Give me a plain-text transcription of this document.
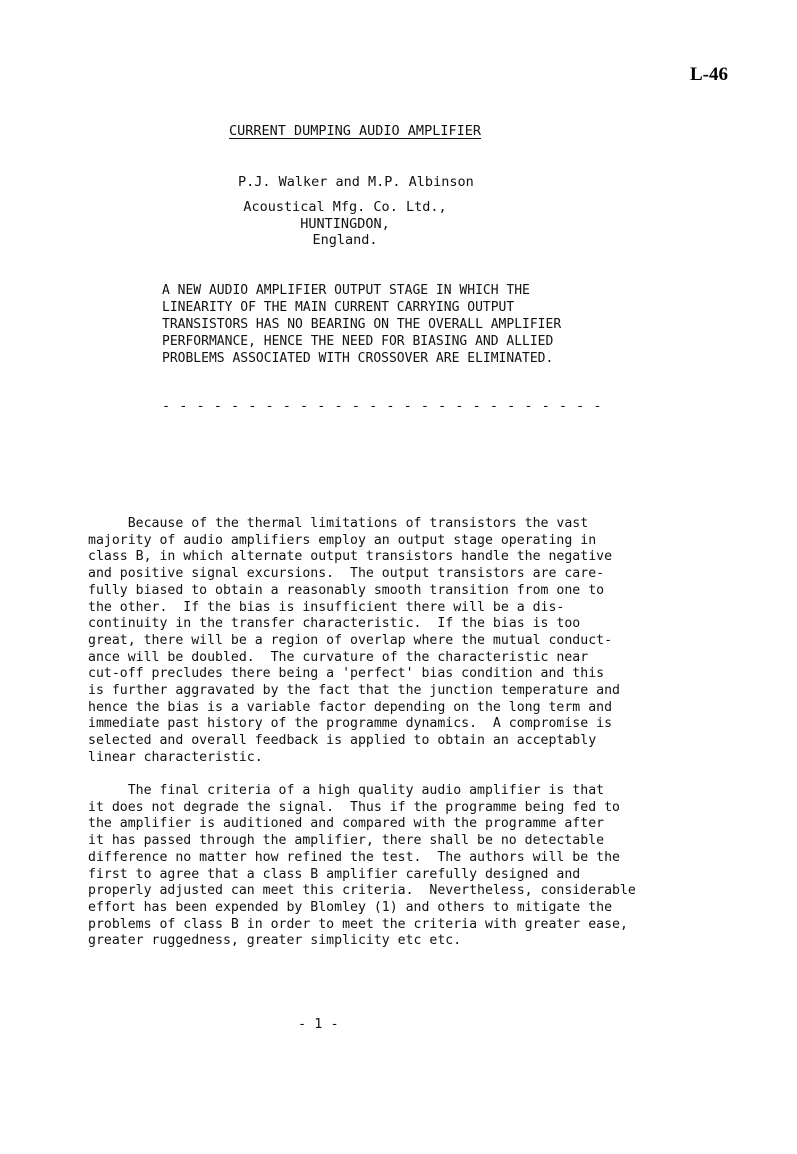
L-46
CURRENT DUMPING AUDIO AMPLIFIER
P.J. Walker and M.P. Albinson
Acoustical Mfg. Co. Ltd.,
HUNTINGDON,
England.
A NEW AUDIO AMPLIFIER OUTPUT STAGE IN WHICH THE
LINEARITY OF THE MAIN CURRENT CARRYING OUTPUT
TRANSISTORS HAS NO BEARING ON THE OVERALL AMPLIFIER
PERFORMANCE, HENCE THE NEED FOR BIASING AND ALLIED
PROBLEMS ASSOCIATED WITH CROSSOVER ARE ELIMINATED.
- - - - - - - - - - - - - - - - - - - - - - - - - -
Because of the thermal limitations of transistors the vast
majority of audio amplifiers employ an output stage operating in
class B, in which alternate output transistors handle the negative
and positive signal excursions.  The output transistors are care-
fully biased to obtain a reasonably smooth transition from one to
the other.  If the bias is insufficient there will be a dis-
continuity in the transfer characteristic.  If the bias is too
great, there will be a region of overlap where the mutual conduct-
ance will be doubled.  The curvature of the characteristic near
cut-off precludes there being a 'perfect' bias condition and this
is further aggravated by the fact that the junction temperature and
hence the bias is a variable factor depending on the long term and
immediate past history of the programme dynamics.  A compromise is
selected and overall feedback is applied to obtain an acceptably
linear characteristic.
The final criteria of a high quality audio amplifier is that
it does not degrade the signal.  Thus if the programme being fed to
the amplifier is auditioned and compared with the programme after
it has passed through the amplifier, there shall be no detectable
difference no matter how refined the test.  The authors will be the
first to agree that a class B amplifier carefully designed and
properly adjusted can meet this criteria.  Nevertheless, considerable
effort has been expended by Blomley (1) and others to mitigate the
problems of class B in order to meet the criteria with greater ease,
greater ruggedness, greater simplicity etc etc.
- 1 -
